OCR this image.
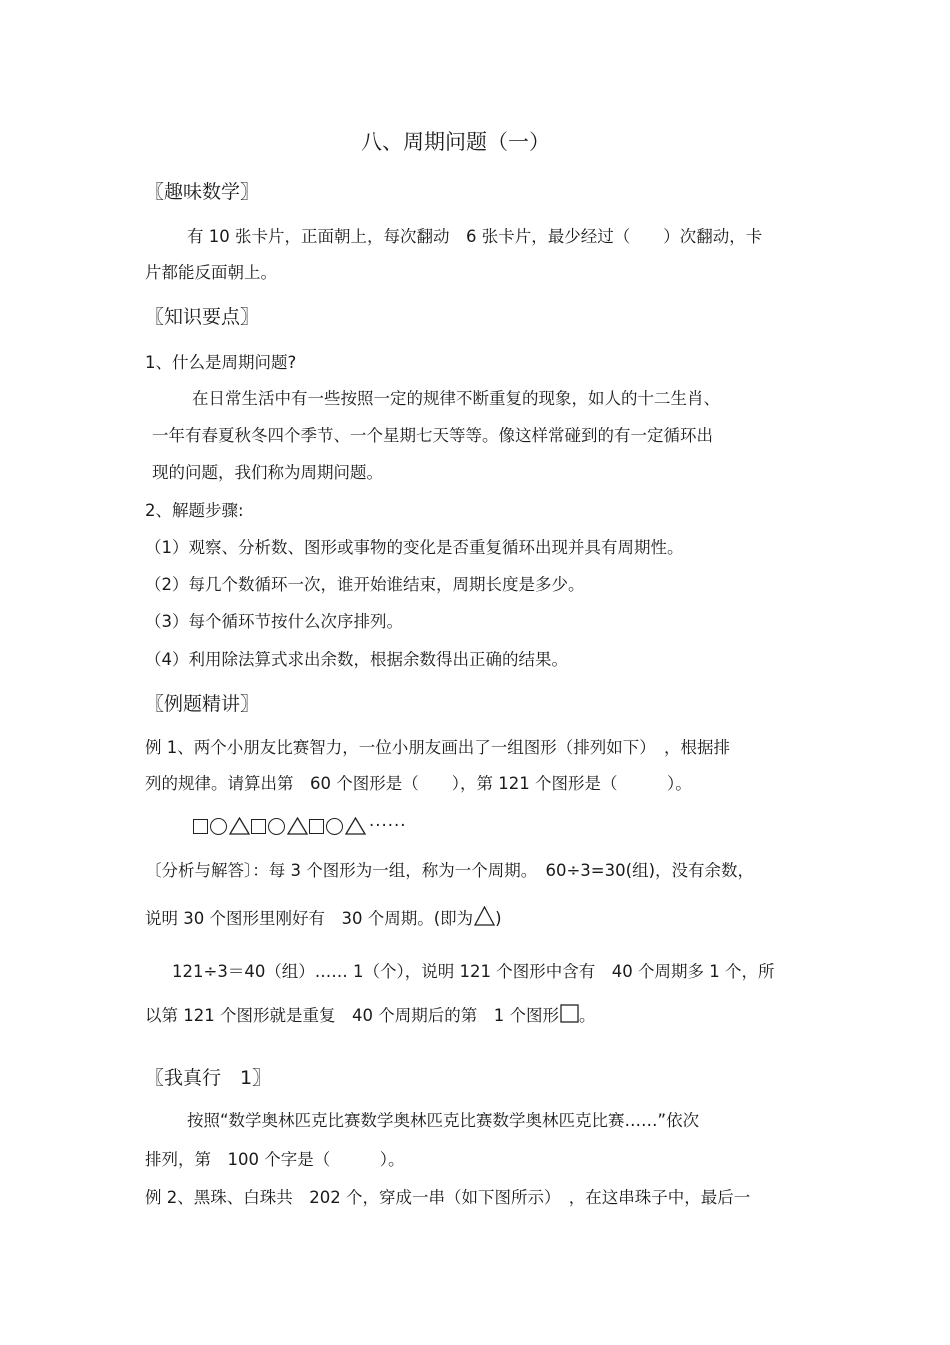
八、周期问题（一）
〖趣味数学〗
有 10 张卡片，正面朝上，每次翻动　6 张卡片，最少经过（　　）次翻动，卡
片都能反面朝上。
〖知识要点〗
1、什么是周期问题?
在日常生活中有一些按照一定的规律不断重复的现象，如人的十二生肖、
一年有春夏秋冬四个季节、一个星期七天等等。像这样常碰到的有一定循环出
现的问题，我们称为周期问题。
2、解题步骤:
（1）观察、分析数、图形或事物的变化是否重复循环出现并具有周期性。
（2）每几个数循环一次，谁开始谁结束，周期长度是多少。
（3）每个循环节按什么次序排列。
（4）利用除法算式求出余数，根据余数得出正确的结果。
〖例题精讲〗
例 1、两个小朋友比赛智力，一位小朋友画出了一组图形（排列如下）　，根据排
列的规律。请算出第　60 个图形是（　　），第 121 个图形是（　　　）。
······
〔分析与解答〕：每 3 个图形为一组，称为一个周期。　60÷3=30(组)，没有余数，
说明 30 个图形里刚好有　30 个周期。(即为 )
121÷3＝40（组）…… 1（个），说明 121 个图形中含有　40 个周期多 1 个，所
以第 121 个图形就是重复　40 个周期后的第　1 个图形 。
〖我真行　1〗
按照“数学奥林匹克比赛数学奥林匹克比赛数学奥林匹克比赛……”依次
排列，第　100 个字是（　　　）。
例 2、黑珠、白珠共　202 个，穿成一串（如下图所示）　，在这串珠子中，最后一
